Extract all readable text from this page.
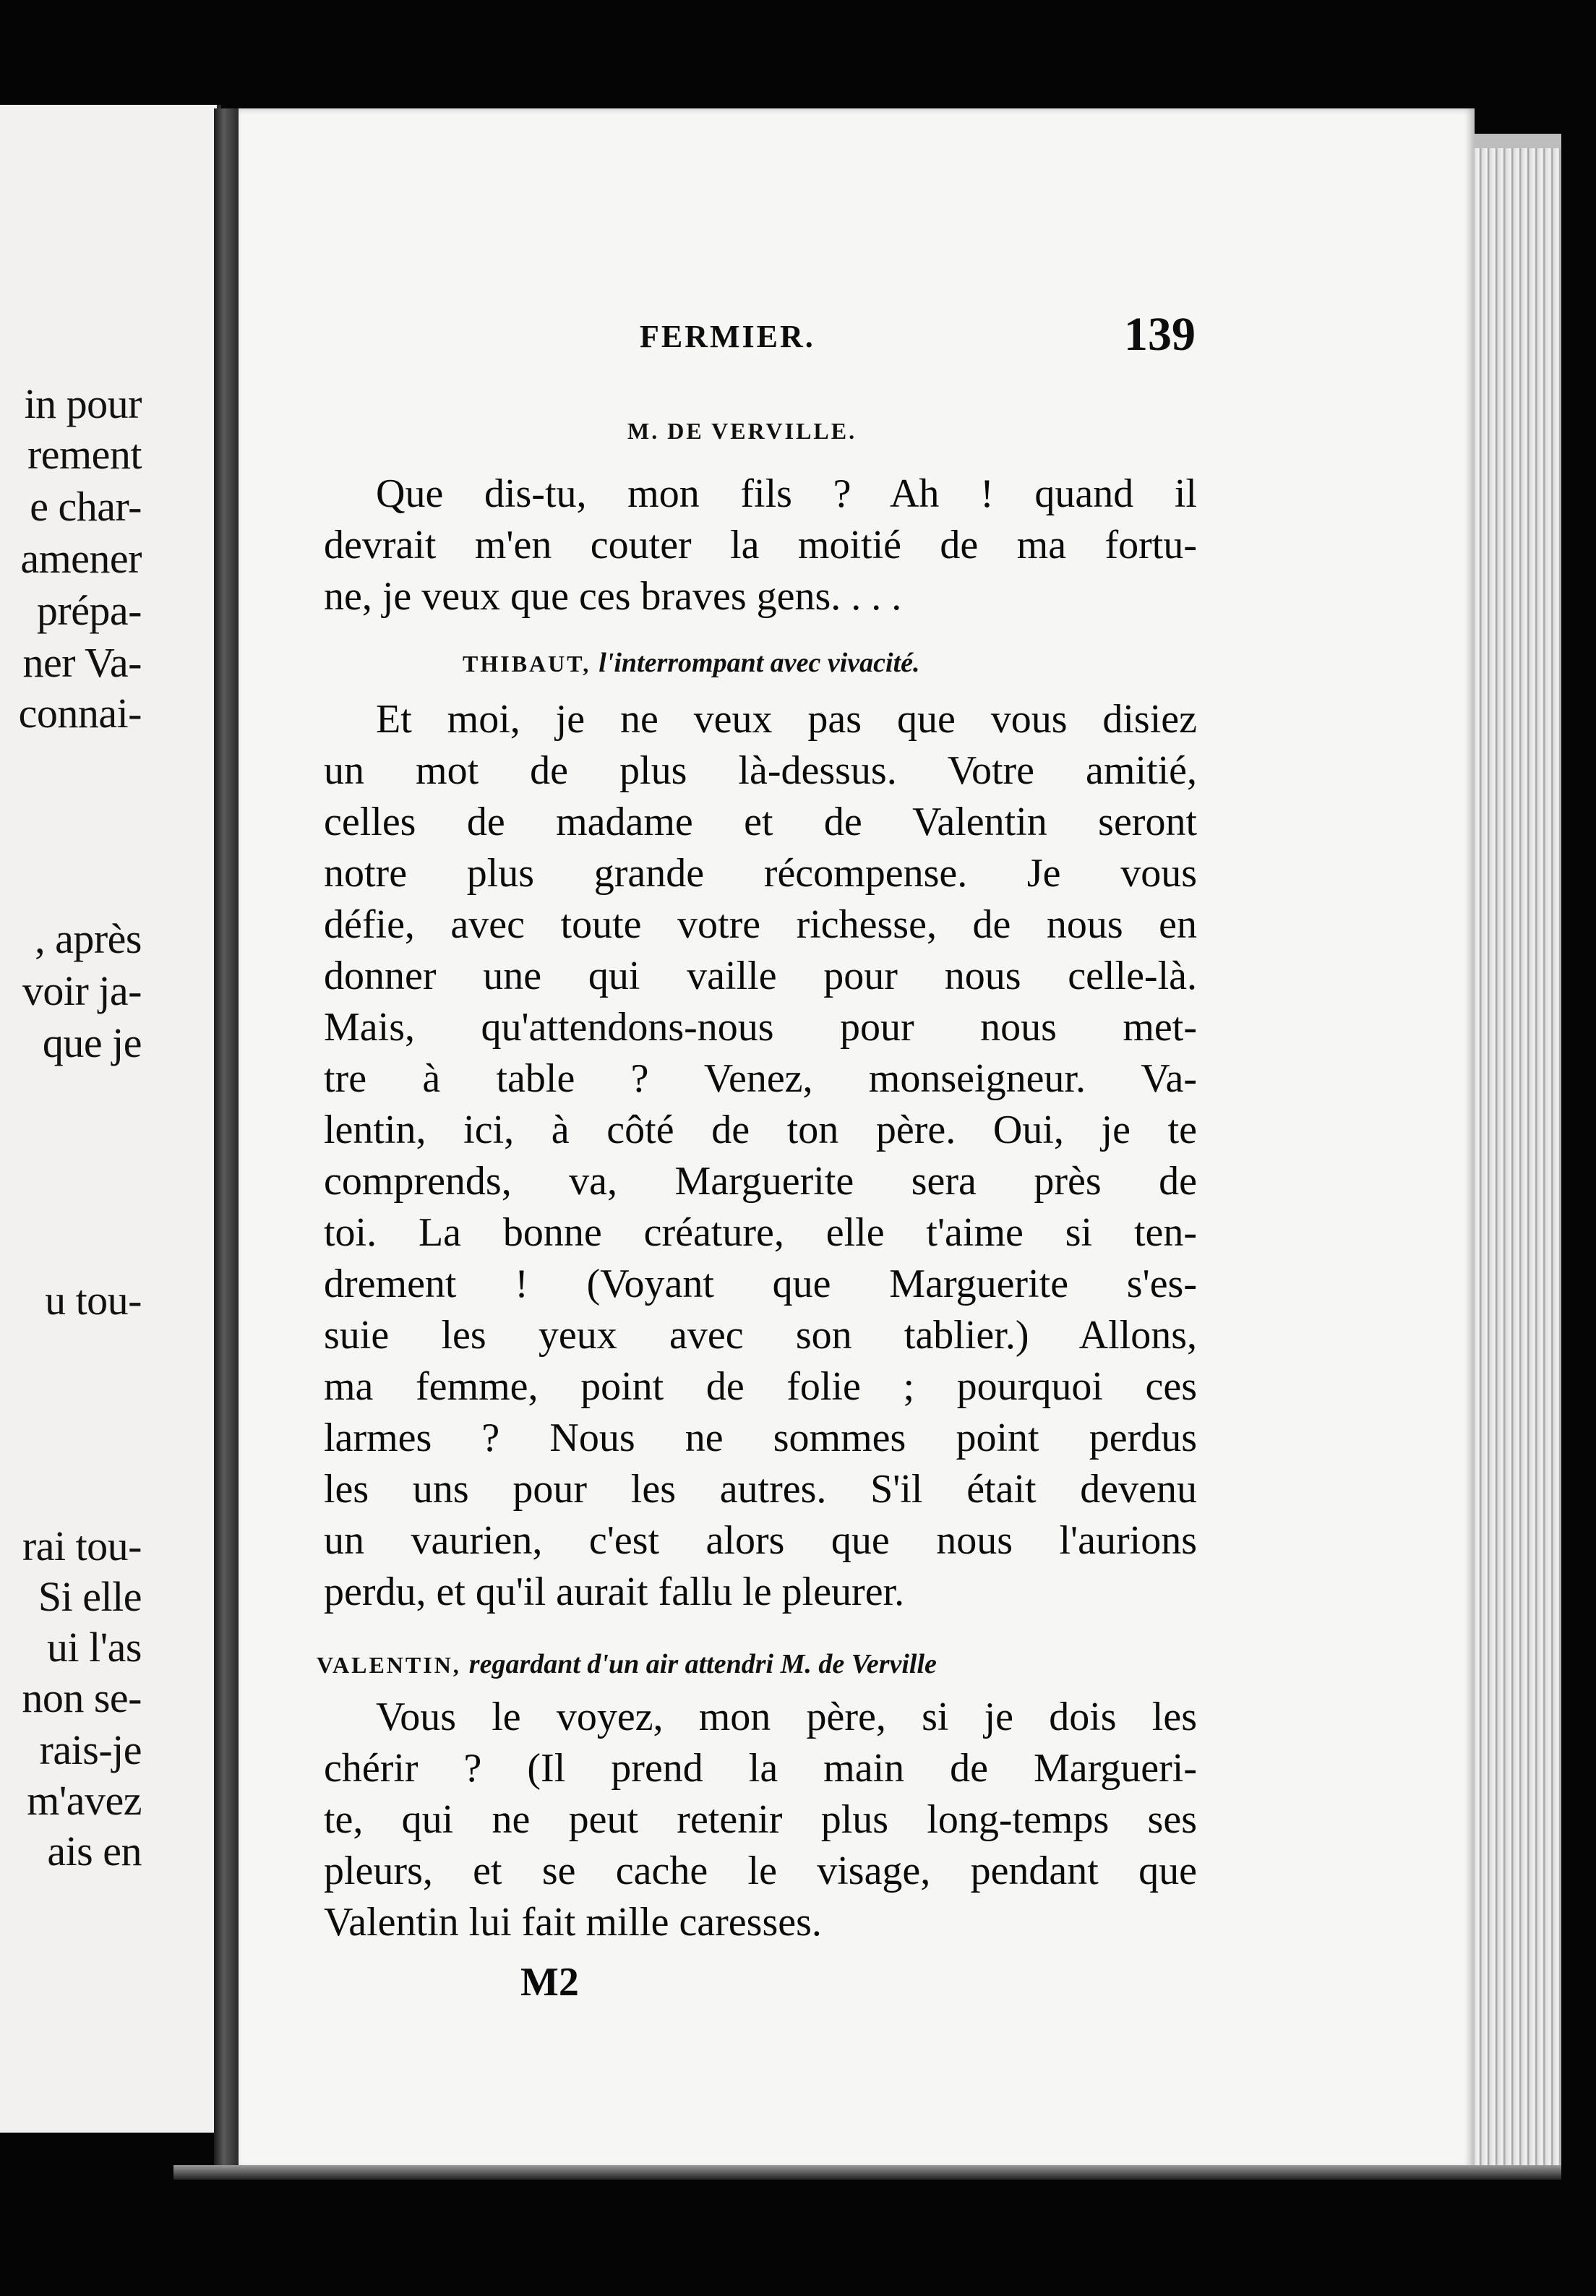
in pour
rement
e char-
amener
prépa-
ner Va-
connai-
, après
voir ja-
que je
u tou-
rai tou-
Si elle
ui l'as
non se-
rais-je
m'avez
ais en
FERMIER.	139
M. DE VERVILLE.
Que dis-tu, mon fils ? Ah ! quand il
devrait m'en couter la moitié de ma fortu-
ne, je veux que ces braves gens. . . .
THIBAUT, l'interrompant avec vivacité.
Et moi, je ne veux pas que vous disiez
un mot de plus là-dessus. Votre amitié,
celles de madame et de Valentin seront
notre plus grande récompense. Je vous
défie, avec toute votre richesse, de nous en
donner une qui vaille pour nous celle-là.
Mais, qu'attendons-nous pour nous met-
tre à table ? Venez, monseigneur. Va-
lentin, ici, à côté de ton père. Oui, je te
comprends, va, Marguerite sera près de
toi. La bonne créature, elle t'aime si ten-
drement ! (Voyant que Marguerite s'es-
suie les yeux avec son tablier.) Allons,
ma femme, point de folie ; pourquoi ces
larmes ? Nous ne sommes point perdus
les uns pour les autres. S'il était devenu
un vaurien, c'est alors que nous l'aurions
perdu, et qu'il aurait fallu le pleurer.
VALENTIN, regardant d'un air attendri M. de Verville
Vous le voyez, mon père, si je dois les
chérir ? (Il prend la main de Margueri-
te, qui ne peut retenir plus long-temps ses
pleurs, et se cache le visage, pendant que
Valentin lui fait mille caresses.
M2
